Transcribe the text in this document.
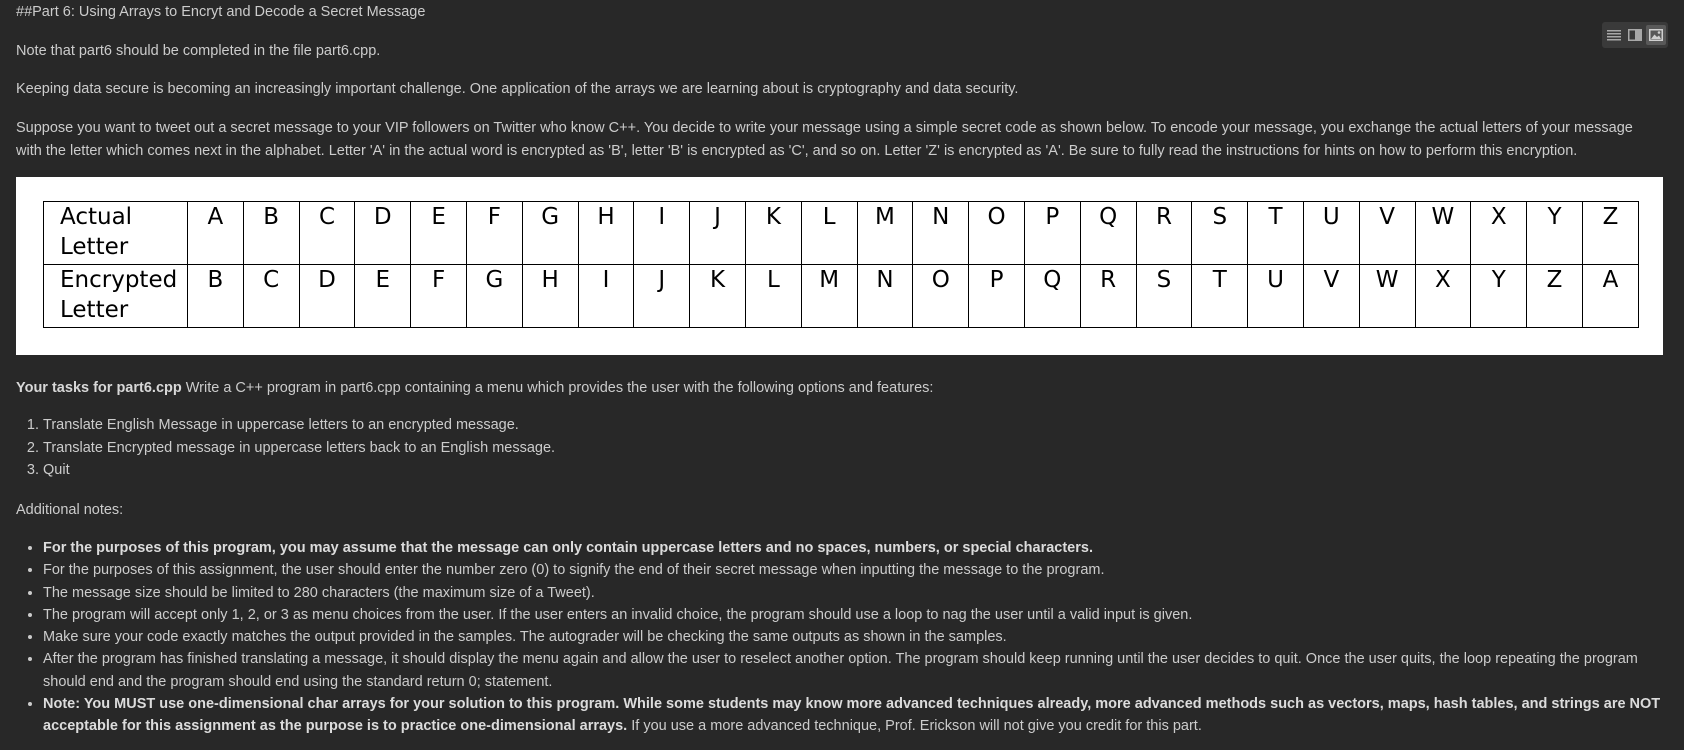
##Part 6: Using Arrays to Encryt and Decode a Secret Message

Note that part6 should be completed in the file part6.cpp.

Keeping data secure is becoming an increasingly important challenge. One application of the arrays we are learning about is cryptography and data security.

Suppose you want to tweet out a secret message to your VIP followers on Twitter who know C++. You decide to write your message using a simple secret code as shown below. To encode your message, you exchange the actual letters of your message with the letter which comes next in the alphabet. Letter 'A' in the actual word is encrypted as 'B', letter 'B' is encrypted as 'C', and so on. Letter 'Z' is encrypted as 'A'. Be sure to fully read the instructions for hints on how to perform this encryption.

Actual
Letter	A	B	C	D	E	F	G	H	I	J	K	L	M	N	O	P	Q	R	S	T	U	V	W	X	Y	Z
Encrypted
Letter	B	C	D	E	F	G	H	I	J	K	L	M	N	O	P	Q	R	S	T	U	V	W	X	Y	Z	A

Your tasks for part6.cpp Write a C++ program in part6.cpp containing a menu which provides the user with the following options and features:

1. Translate English Message in uppercase letters to an encrypted message.
2. Translate Encrypted message in uppercase letters back to an English message.
3. Quit

Additional notes:

• For the purposes of this program, you may assume that the message can only contain uppercase letters and no spaces, numbers, or special characters.
• For the purposes of this assignment, the user should enter the number zero (0) to signify the end of their secret message when inputting the message to the program.
• The message size should be limited to 280 characters (the maximum size of a Tweet).
• The program will accept only 1, 2, or 3 as menu choices from the user. If the user enters an invalid choice, the program should use a loop to nag the user until a valid input is given.
• Make sure your code exactly matches the output provided in the samples. The autograder will be checking the same outputs as shown in the samples.
• After the program has finished translating a message, it should display the menu again and allow the user to reselect another option. The program should keep running until the user decides to quit. Once the user quits, the loop repeating the program should end and the program should end using the standard return 0; statement.
• Note: You MUST use one-dimensional char arrays for your solution to this program. While some students may know more advanced techniques already, more advanced methods such as vectors, maps, hash tables, and strings are NOT acceptable for this assignment as the purpose is to practice one-dimensional arrays. If you use a more advanced technique, Prof. Erickson will not give you credit for this part.
